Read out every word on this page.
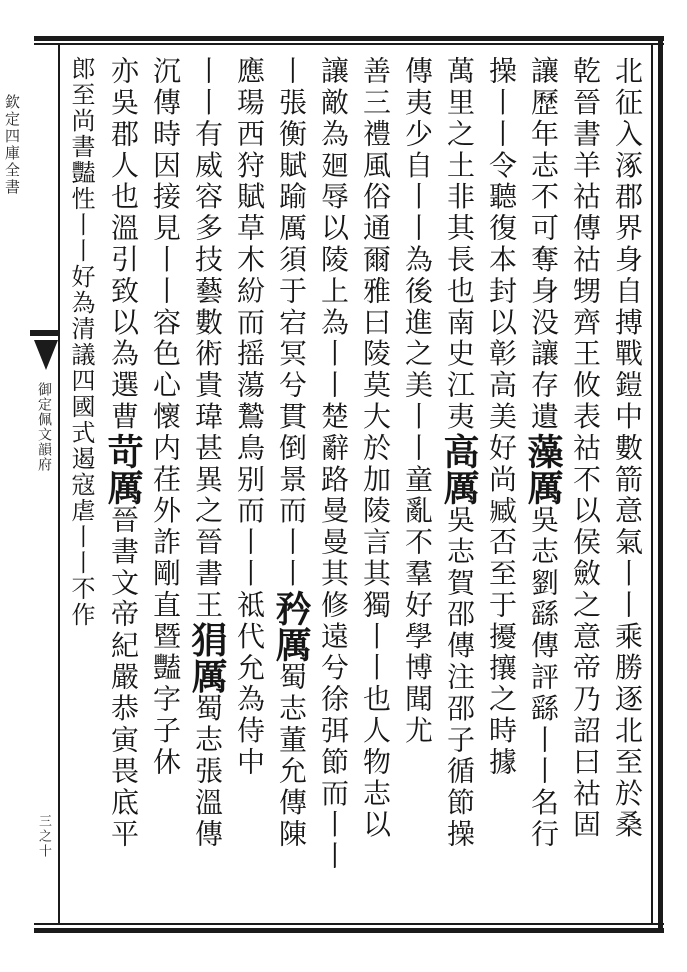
欽定四庫全書
御定佩文韻府
三之十	北征入涿郡界身自搏戰鎧中數箭意氣丨丨乘勝逐北至於桑
乾晉書羊祜傳祜甥齊王攸表祜不以侯斂之意帝乃詔曰祜固
讓歷年志不可奪身没讓存遺藻厲吳志劉繇傳評繇丨丨名行
操丨丨令聽復本封以彰高美好尚臧否至于擾攘之時據
萬里之土非其長也南史江夷高厲吳志賀邵傳注邵子循節操
傳夷少自丨丨為後進之美丨丨童亂不羣好學博聞尤
善三禮風俗通爾雅曰陵莫大於加陵言其獨丨丨也人物志以
讓敵為廻辱以陵上為丨丨楚辭路曼曼其修遠兮徐弭節而丨丨
丨張衡賦踰厲須于宕冥兮貫倒景而丨丨矜厲蜀志董允傳陳
應瑒西狩賦草木紛而摇蕩鷙鳥别而丨丨祗代允為侍中
丨丨有威容多技藝數術貴瑋甚異之晉書王狷厲蜀志張溫傳
沉傳時因接見丨丨容色心懷内荏外詐剛直暨豔字子休
亦吳郡人也溫引致以為選曹苛厲晉書文帝紀嚴恭寅畏底平
郎至尚書豔性丨丨好為清議四國式遏寇虐丨丨不作
